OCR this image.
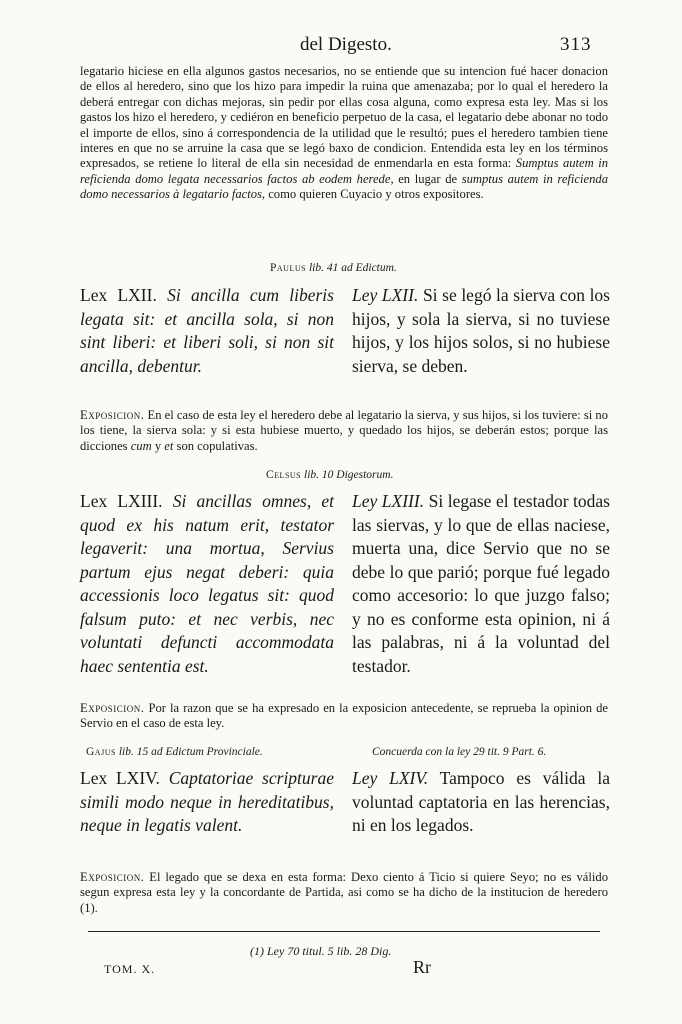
del Digesto.	313

legatario hiciese en ella algunos gastos necesarios, no se entiende que su intencion fué hacer donacion de ellos al heredero, sino que los hizo para impedir la ruina que amenazaba; por lo qual el heredero la deberá entregar con dichas mejoras, sin pedir por ellas cosa alguna, como expresa esta ley. Mas si los gastos los hizo el heredero, y cediéron en beneficio perpetuo de la casa, el legatario debe abonar no todo el importe de ellos, sino á correspondencia de la utilidad que le resultó; pues el heredero tambien tiene interes en que no se arruine la casa que se legó baxo de condicion. Entendida esta ley en los términos expresados, se retiene lo literal de ella sin necesidad de enmendarla en esta forma: Sumptus autem in reficienda domo legata necessarios factos ab eodem herede, en lugar de sumptus autem in reficienda domo necessarios à legatario factos, como quieren Cuyacio y otros expositores.

Paulus lib. 41 ad Edictum.
Lex LXII. Si ancilla cum liberis legata sit: et ancilla sola, si non sint liberi: et liberi soli, si non sit ancilla, debentur.
Ley LXII. Si se legó la sierva con los hijos, y sola la sierva, si no tuviese hijos, y los hijos solos, si no hubiese sierva, se deben.

Exposicion. En el caso de esta ley el heredero debe al legatario la sierva, y sus hijos, si los tuviere: si no los tiene, la sierva sola: y si esta hubiese muerto, y quedado los hijos, se deberán estos; porque las dicciones cum y et son copulativas.

Celsus lib. 10 Digestorum.
Lex LXIII. Si ancillas omnes, et quod ex his natum erit, testator legaverit: una mortua, Servius partum ejus negat deberi: quia accessionis loco legatus sit: quod falsum puto: et nec verbis, nec voluntati defuncti accommodata haec sententia est.
Ley LXIII. Si legase el testador todas las siervas, y lo que de ellas naciese, muerta una, dice Servio que no se debe lo que parió; porque fué legado como accesorio: lo que juzgo falso; y no es conforme esta opinion, ni á las palabras, ni á la voluntad del testador.

Exposicion. Por la razon que se ha expresado en la exposicion antecedente, se reprueba la opinion de Servio en el caso de esta ley.

Gajus lib. 15 ad Edictum Provinciale.	Concuerda con la ley 29 tit. 9 Part. 6.
Lex LXIV. Captatoriae scripturae simili modo neque in hereditatibus, neque in legatis valent.
Ley LXIV. Tampoco es válida la voluntad captatoria en las herencias, ni en los legados.

Exposicion. El legado que se dexa en esta forma: Dexo ciento á Ticio si quiere Seyo; no es válido segun expresa esta ley y la concordante de Partida, asi como se ha dicho de la institucion de heredero (1).

(1) Ley 70 titul. 5 lib. 28 Dig.
TOM. X.	Rr
